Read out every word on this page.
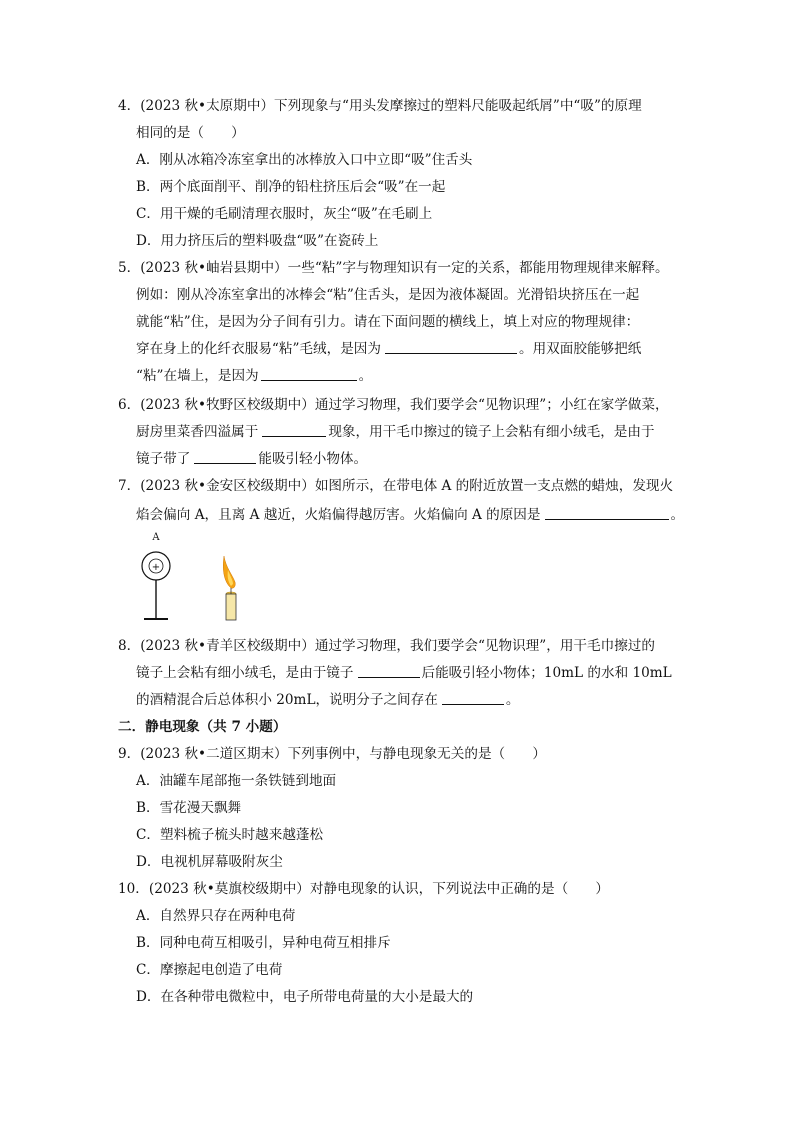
4．(2023 秋•太原期中）下列现象与“用头发摩擦过的塑料尺能吸起纸屑”中“吸”的原理
相同的是（　　）
A．刚从冰箱冷冻室拿出的冰棒放入口中立即“吸”住舌头
B．两个底面削平、削净的铅柱挤压后会“吸”在一起
C．用干燥的毛刷清理衣服时，灰尘“吸”在毛刷上
D．用力挤压后的塑料吸盘“吸”在瓷砖上
5．(2023 秋•岫岩县期中）一些“粘”字与物理知识有一定的关系，都能用物理规律来解释。
例如：刚从冷冻室拿出的冰棒会“粘”住舌头，是因为液体凝固。光滑铅块挤压在一起
就能“粘”住，是因为分子间有引力。请在下面问题的横线上，填上对应的物理规律：
穿在身上的化纤衣服易“粘”毛绒，是因为	。用双面胶能够把纸
“粘”在墙上，是因为	。
6．(2023 秋•牧野区校级期中）通过学习物理，我们要学会“见物识理”；小红在家学做菜，
厨房里菜香四溢属于	现象，用干毛巾擦过的镜子上会粘有细小绒毛，是由于
镜子带了	能吸引轻小物体。
7．(2023 秋•金安区校级期中）如图所示，在带电体 A 的附近放置一支点燃的蜡烛，发现火
焰会偏向 A，且离 A 越近，火焰偏得越厉害。火焰偏向 A 的原因是	。
A
+
8．(2023 秋•青羊区校级期中）通过学习物理，我们要学会“见物识理”，用干毛巾擦过的
镜子上会粘有细小绒毛，是由于镜子	后能吸引轻小物体；10mL 的水和 10mL
的酒精混合后总体积小 20mL，说明分子之间存在	。
二．静电现象（共 7 小题）
9．(2023 秋•二道区期末）下列事例中，与静电现象无关的是（　　）
A．油罐车尾部拖一条铁链到地面
B．雪花漫天飘舞
C．塑料梳子梳头时越来越蓬松
D．电视机屏幕吸附灰尘
10．(2023 秋•莫旗校级期中）对静电现象的认识，下列说法中正确的是（　　）
A．自然界只存在两种电荷
B．同种电荷互相吸引，异种电荷互相排斥
C．摩擦起电创造了电荷
D．在各种带电微粒中，电子所带电荷量的大小是最大的
